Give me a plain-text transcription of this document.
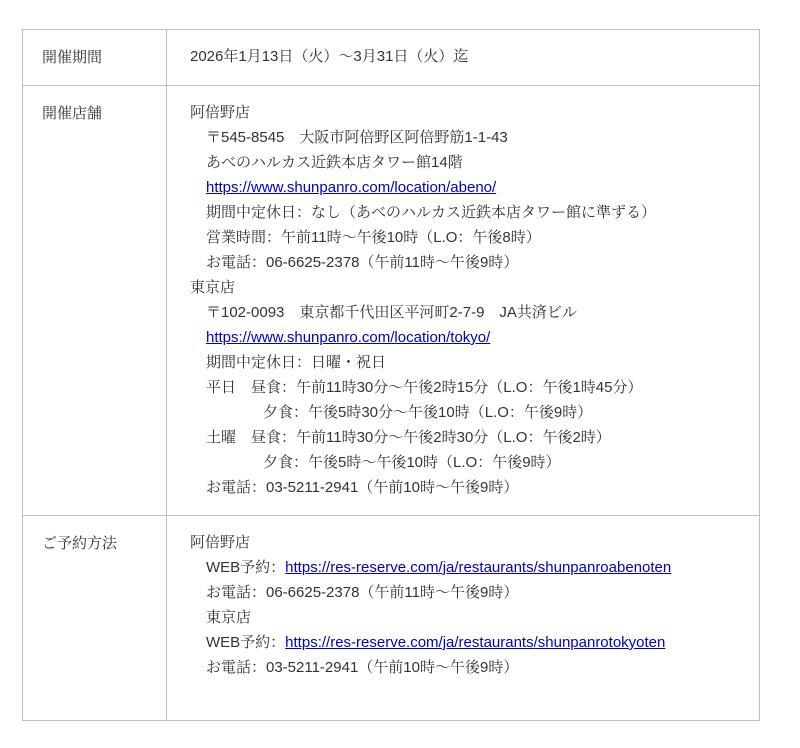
開催期間	2026年1月13日（火）～3月31日（火）迄

開催店舗	阿倍野店
〒545-8545　大阪市阿倍野区阿倍野筋1-1-43
あべのハルカス近鉄本店タワー館14階
https://www.shunpanro.com/location/abeno/
期間中定休日：なし（あべのハルカス近鉄本店タワー館に準ずる）
営業時間：午前11時～午後10時（L.O：午後8時）
お電話：06-6625-2378（午前11時～午後9時）
東京店
〒102-0093　東京都千代田区平河町2-7-9　JA共済ビル
https://www.shunpanro.com/location/tokyo/
期間中定休日：日曜・祝日
平日　昼食：午前11時30分～午後2時15分（L.O：午後1時45分）
夕食：午後5時30分～午後10時（L.O：午後9時）
土曜　昼食：午前11時30分～午後2時30分（L.O：午後2時）
夕食：午後5時～午後10時（L.O：午後9時）
お電話：03-5211-2941（午前10時～午後9時）

ご予約方法	阿倍野店
WEB予約：https://res-reserve.com/ja/restaurants/shunpanroabenoten
お電話：06-6625-2378（午前11時～午後9時）
東京店
WEB予約：https://res-reserve.com/ja/restaurants/shunpanrotokyoten
お電話：03-5211-2941（午前10時～午後9時）
